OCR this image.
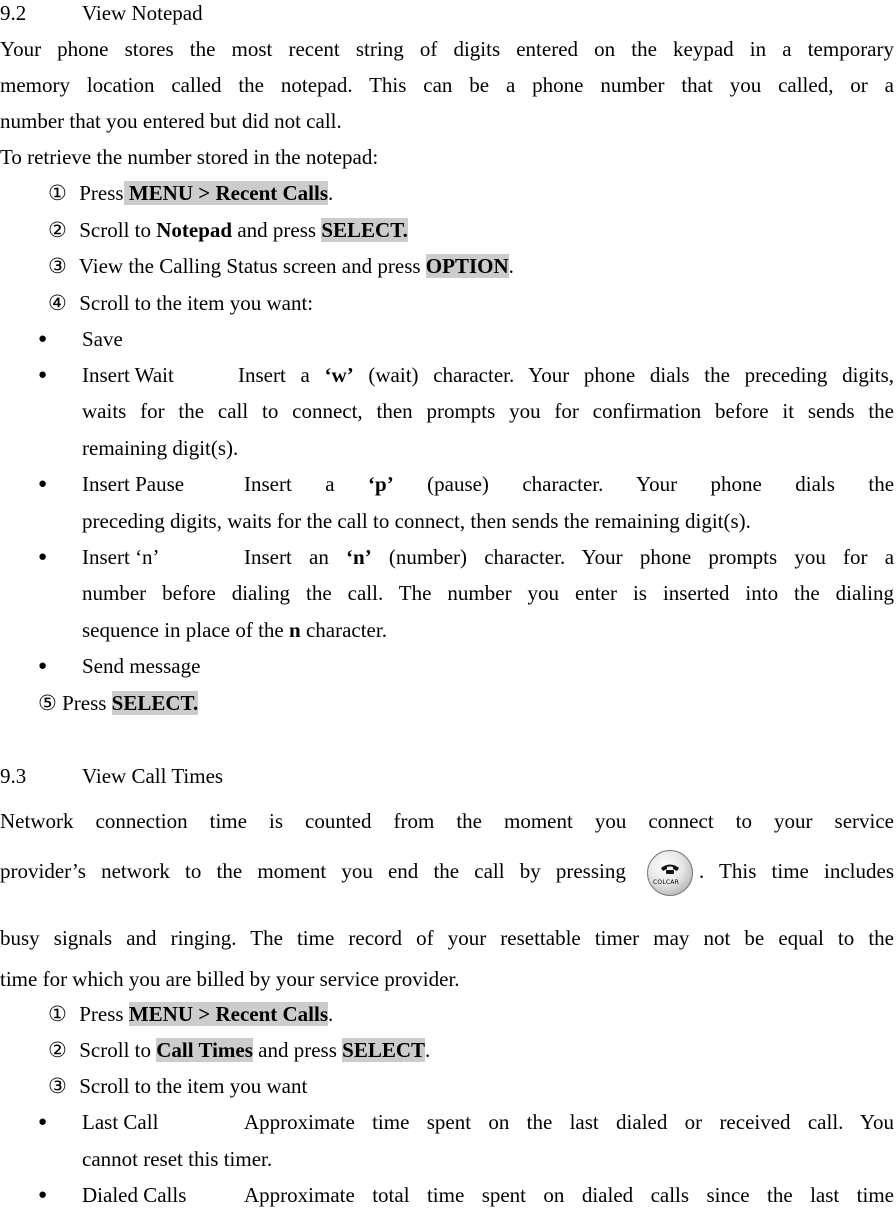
9.2	View Notepad
Your phone stores the most recent string of digits entered on the keypad in a temporary
memory location called the notepad. This can be a phone number that you called, or a
number that you entered but did not call.
To retrieve the number stored in the notepad:
① Press MENU > Recent Calls.
② Scroll to Notepad and press SELECT.
③ View the Calling Status screen and press OPTION.
④ Scroll to the item you want:
● Save
● Insert Wait	Insert a ‘w’ (wait) character. Your phone dials the preceding digits,
waits for the call to connect, then prompts you for confirmation before it sends the
remaining digit(s).
● Insert Pause	Insert a ‘p’ (pause) character. Your phone dials the
preceding digits, waits for the call to connect, then sends the remaining digit(s).
● Insert ‘n’	Insert an ‘n’ (number) character. Your phone prompts you for a
number before dialing the call. The number you enter is inserted into the dialing
sequence in place of the n character.
● Send message
⑤ Press SELECT.
9.3	View Call Times
Network connection time is counted from the moment you connect to your service
provider’s network to the moment you end the call by pressing	COLCAR . This time includes
busy signals and ringing. The time record of your resettable timer may not be equal to the
time for which you are billed by your service provider.
① Press MENU > Recent Calls.
② Scroll to Call Times and press SELECT.
③ Scroll to the item you want
● Last Call	Approximate time spent on the last dialed or received call. You
cannot reset this timer.
● Dialed Calls	Approximate total time spent on dialed calls since the last time
